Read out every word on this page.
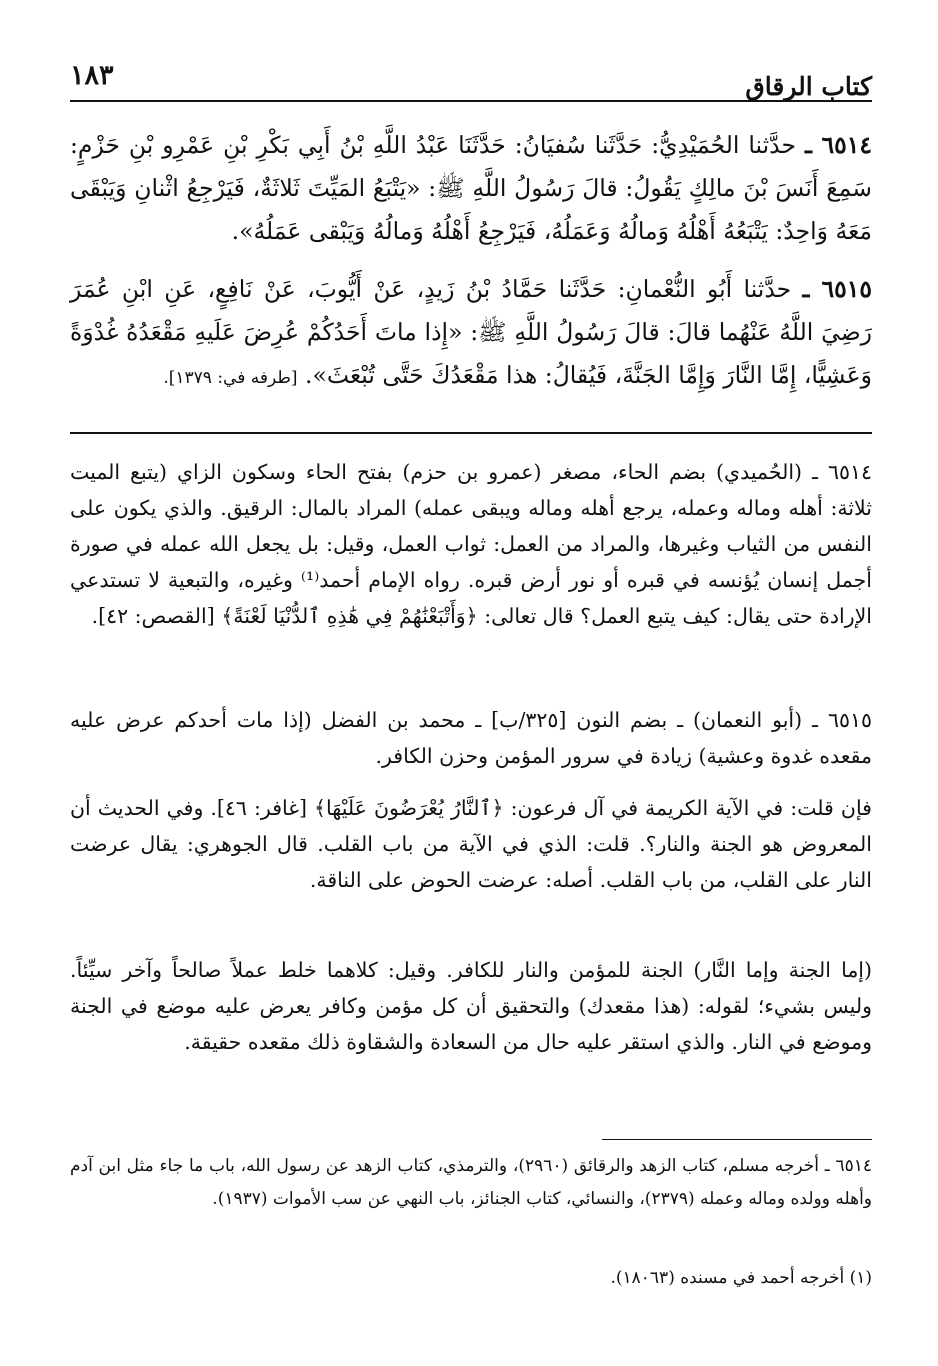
كتاب الرقاق
١٨٣

٦٥١٤ ـ حدَّثنا الحُمَيْدِيُّ: حَدَّثَنا سُفيَانُ: حَدَّثَنَا عَبْدُ اللَّهِ بْنُ أَبِي بَكْرِ بْنِ عَمْرِو بْنِ حَزْمٍ: سَمِعَ أَنَسَ بْنَ مالِكٍ يَقُولُ: قالَ رَسُولُ اللَّهِ ﷺ: «يَتْبَعُ المَيِّتَ ثَلاثَةٌ، فَيَرْجِعُ اثْنانِ وَيَبْقَى مَعَهُ وَاحِدٌ: يَتْبَعُهُ أَهْلُهُ وَمالُهُ وَعَمَلُهُ، فَيَرْجِعُ أَهْلُهُ وَمالُهُ وَيَبْقى عَمَلُهُ».

٦٥١٥ ـ حدَّثنا أَبُو النُّعْمانِ: حَدَّثَنا حَمَّادُ بْنُ زَيدٍ، عَنْ أَيُّوبَ، عَنْ نَافِعٍ، عَنِ ابْنِ عُمَرَ رَضِيَ اللَّهُ عَنْهُما قالَ: قالَ رَسُولُ اللَّهِ ﷺ: «إِذا ماتَ أَحَدُكُمْ عُرِضَ عَلَيهِ مَقْعَدُهُ غُدْوَةً وَعَشِيًّا، إِمَّا النَّارَ وَإِمَّا الجَنَّةَ، فَيُقالُ: هذا مَقْعَدُكَ حَتَّى تُبْعَثَ». [طرفه في: ١٣٧٩].

٦٥١٤ ـ (الحُميدي) بضم الحاء، مصغر (عمرو بن حزم) بفتح الحاء وسكون الزاي (يتبع الميت ثلاثة: أهله وماله وعمله، يرجع أهله وماله ويبقى عمله) المراد بالمال: الرقيق. والذي يكون على النفس من الثياب وغيرها، والمراد من العمل: ثواب العمل، وقيل: بل يجعل الله عمله في صورة أجمل إنسان يُؤنسه في قبره أو نور أرض قبره. رواه الإمام أحمد⁽¹⁾ وغيره، والتبعية لا تستدعي الإرادة حتى يقال: كيف يتبع العمل؟ قال تعالى: ﴿وَأَتْبَعْنَٰهُمْ فِي هَٰذِهِ ٱلدُّنْيَا لَعْنَةً﴾ [القصص: ٤٢].

٦٥١٥ ـ (أبو النعمان) ـ بضم النون [٣٢٥/ب] ـ محمد بن الفضل (إذا مات أحدكم عرض عليه مقعده غدوة وعشية) زيادة في سرور المؤمن وحزن الكافر.

فإن قلت: في الآية الكريمة في آل فرعون: ﴿ٱلنَّارُ يُعْرَضُونَ عَلَيْهَا﴾ [غافر: ٤٦]. وفي الحديث أن المعروض هو الجنة والنار؟. قلت: الذي في الآية من باب القلب. قال الجوهري: يقال عرضت النار على القلب، من باب القلب. أصله: عرضت الحوض على الناقة.

(إما الجنة وإما النَّار) الجنة للمؤمن والنار للكافر. وقيل: كلاهما خلط عملاً صالحاً وآخر سيِّئاً. وليس بشيء؛ لقوله: (هذا مقعدك) والتحقيق أن كل مؤمن وكافر يعرض عليه موضع في الجنة وموضع في النار. والذي استقر عليه حال من السعادة والشقاوة ذلك مقعده حقيقة.

٦٥١٤ ـ أخرجه مسلم، كتاب الزهد والرقائق (٢٩٦٠)، والترمذي، كتاب الزهد عن رسول الله، باب ما جاء مثل ابن آدم وأهله وولده وماله وعمله (٢٣٧٩)، والنسائي، كتاب الجنائز، باب النهي عن سب الأموات (١٩٣٧).

(١) أخرجه أحمد في مسنده (١٨٠٦٣).
